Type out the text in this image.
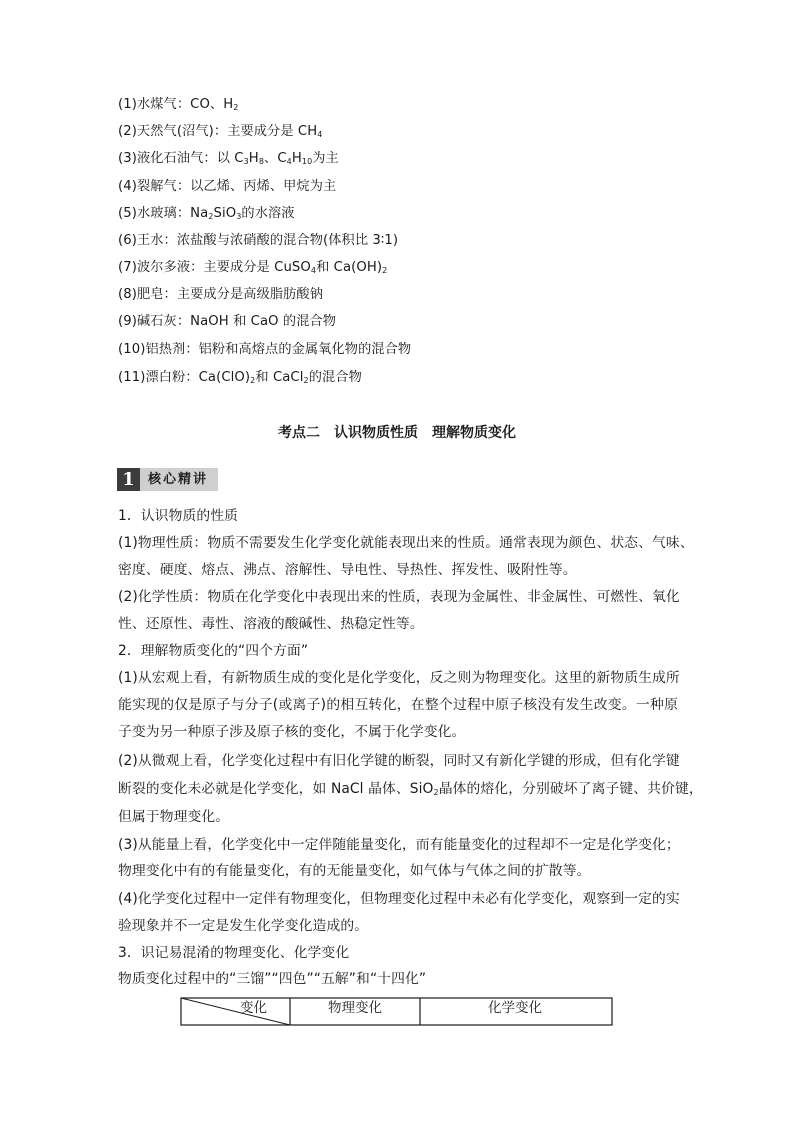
(1)水煤气：CO、$H_2$
(2)天然气(沼气)：主要成分是 $CH_4$
(3)液化石油气：以 $C_3H_8$、$C_4H_{10}$为主
(4)裂解气：以乙烯、丙烯、甲烷为主
(5)水玻璃：$Na_2SiO_3$的水溶液
(6)王水：浓盐酸与浓硝酸的混合物(体积比 3∶1)
(7)波尔多液：主要成分是 CuSO$_4$和 $Ca(OH)_2$
(8)肥皂：主要成分是高级脂肪酸钠
(9)碱石灰：NaOH 和 CaO 的混合物
(10)铝热剂：铝粉和高熔点的金属氧化物的混合物
(11)漂白粉：$Ca(ClO)_2$和 CaCl$_2$的混合物
考点二 认识物质性质 理解物质变化
1	核心精讲
1．认识物质的性质
(1)物理性质：物质不需要发生化学变化就能表现出来的性质。通常表现为颜色、状态、气味、
密度、硬度、熔点、沸点、溶解性、导电性、导热性、挥发性、吸附性等。
(2)化学性质：物质在化学变化中表现出来的性质，表现为金属性、非金属性、可燃性、氧化
性、还原性、毒性、溶液的酸碱性、热稳定性等。
2．理解物质变化的“四个方面”
(1)从宏观上看，有新物质生成的变化是化学变化，反之则为物理变化。这里的新物质生成所
能实现的仅是原子与分子(或离子)的相互转化，在整个过程中原子核没有发生改变。一种原
子变为另一种原子涉及原子核的变化，不属于化学变化。
(2)从微观上看，化学变化过程中有旧化学键的断裂，同时又有新化学键的形成，但有化学键
断裂的变化未必就是化学变化，如 NaCl 晶体、SiO$_2$晶体的熔化，分别破坏了离子键、共价键，
但属于物理变化。
(3)从能量上看，化学变化中一定伴随能量变化，而有能量变化的过程却不一定是化学变化；
物理变化中有的有能量变化，有的无能量变化，如气体与气体之间的扩散等。
(4)化学变化过程中一定伴有物理变化，但物理变化过程中未必有化学变化，观察到一定的实
验现象并不一定是发生化学变化造成的。
3．识记易混淆的物理变化、化学变化
物质变化过程中的“三馏”“四色”“五解”和“十四化”
变化	物理变化	化学变化
